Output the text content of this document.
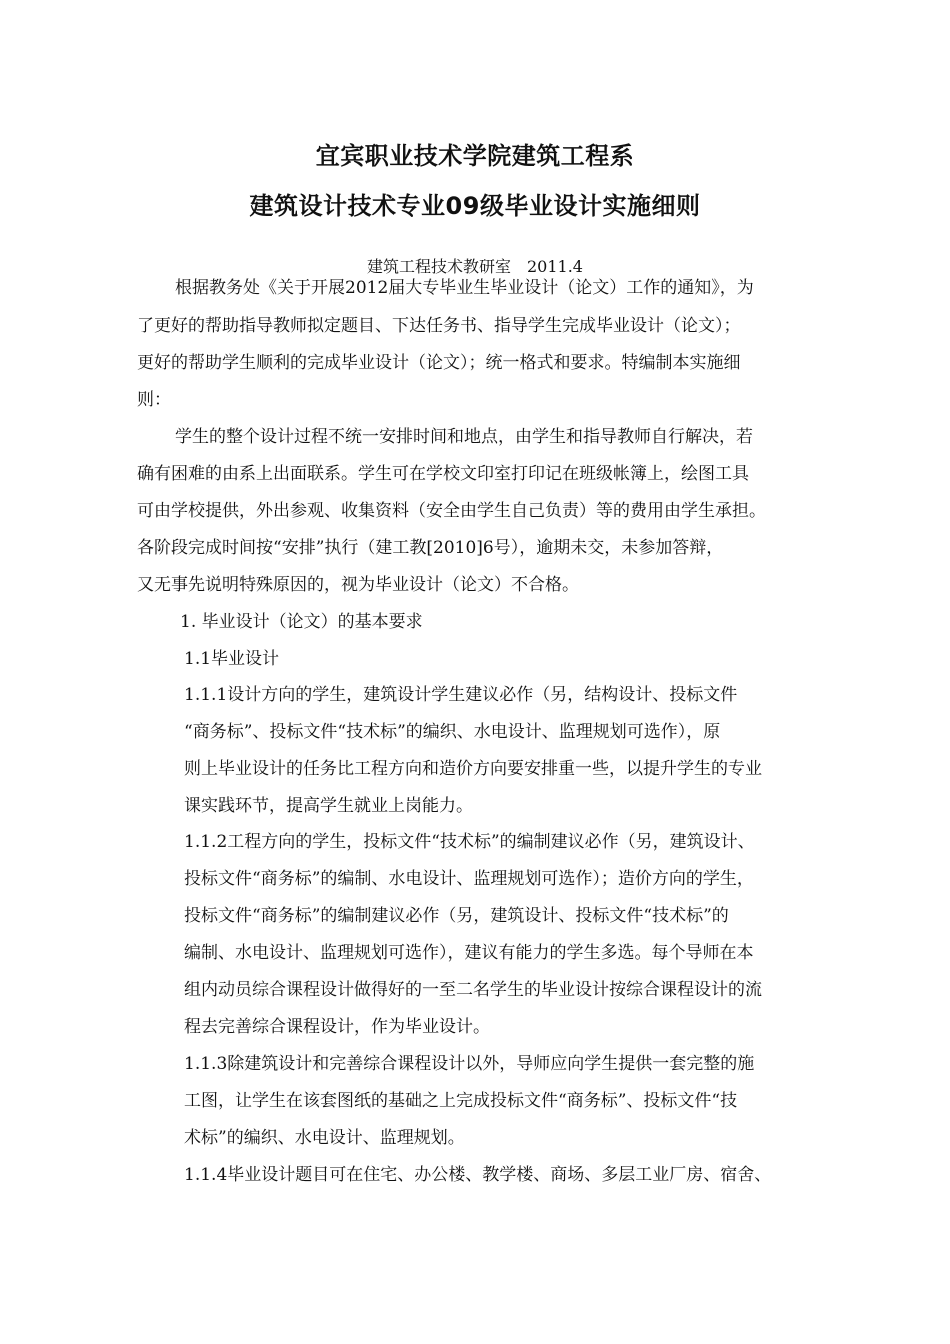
宜宾职业技术学院建筑工程系
建筑设计技术专业09级毕业设计实施细则
建筑工程技术教研室　2011.4
根据教务处《关于开展2012届大专毕业生毕业设计（论文）工作的通知》，为
了更好的帮助指导教师拟定题目、下达任务书、指导学生完成毕业设计（论文）；
更好的帮助学生顺利的完成毕业设计（论文）；统一格式和要求。特编制本实施细
则：
学生的整个设计过程不统一安排时间和地点，由学生和指导教师自行解决，若
确有困难的由系上出面联系。学生可在学校文印室打印记在班级帐簿上，绘图工具
可由学校提供，外出参观、收集资料（安全由学生自己负责）等的费用由学生承担。
各阶段完成时间按“安排”执行（建工教[2010]6号），逾期未交，未参加答辩，
又无事先说明特殊原因的，视为毕业设计（论文）不合格。
1. 毕业设计（论文）的基本要求
1.1毕业设计
1.1.1设计方向的学生，建筑设计学生建议必作（另，结构设计、投标文件
“商务标”、投标文件“技术标”的编织、水电设计、监理规划可选作），原
则上毕业设计的任务比工程方向和造价方向要安排重一些，以提升学生的专业
课实践环节，提高学生就业上岗能力。
1.1.2工程方向的学生，投标文件“技术标”的编制建议必作（另，建筑设计、
投标文件“商务标”的编制、水电设计、监理规划可选作）；造价方向的学生，
投标文件“商务标”的编制建议必作（另，建筑设计、投标文件“技术标”的
编制、水电设计、监理规划可选作），建议有能力的学生多选。每个导师在本
组内动员综合课程设计做得好的一至二名学生的毕业设计按综合课程设计的流
程去完善综合课程设计，作为毕业设计。
1.1.3除建筑设计和完善综合课程设计以外，导师应向学生提供一套完整的施
工图，让学生在该套图纸的基础之上完成投标文件“商务标”、投标文件“技
术标”的编织、水电设计、监理规划。
1.1.4毕业设计题目可在住宅、办公楼、教学楼、商场、多层工业厂房、宿舍、
